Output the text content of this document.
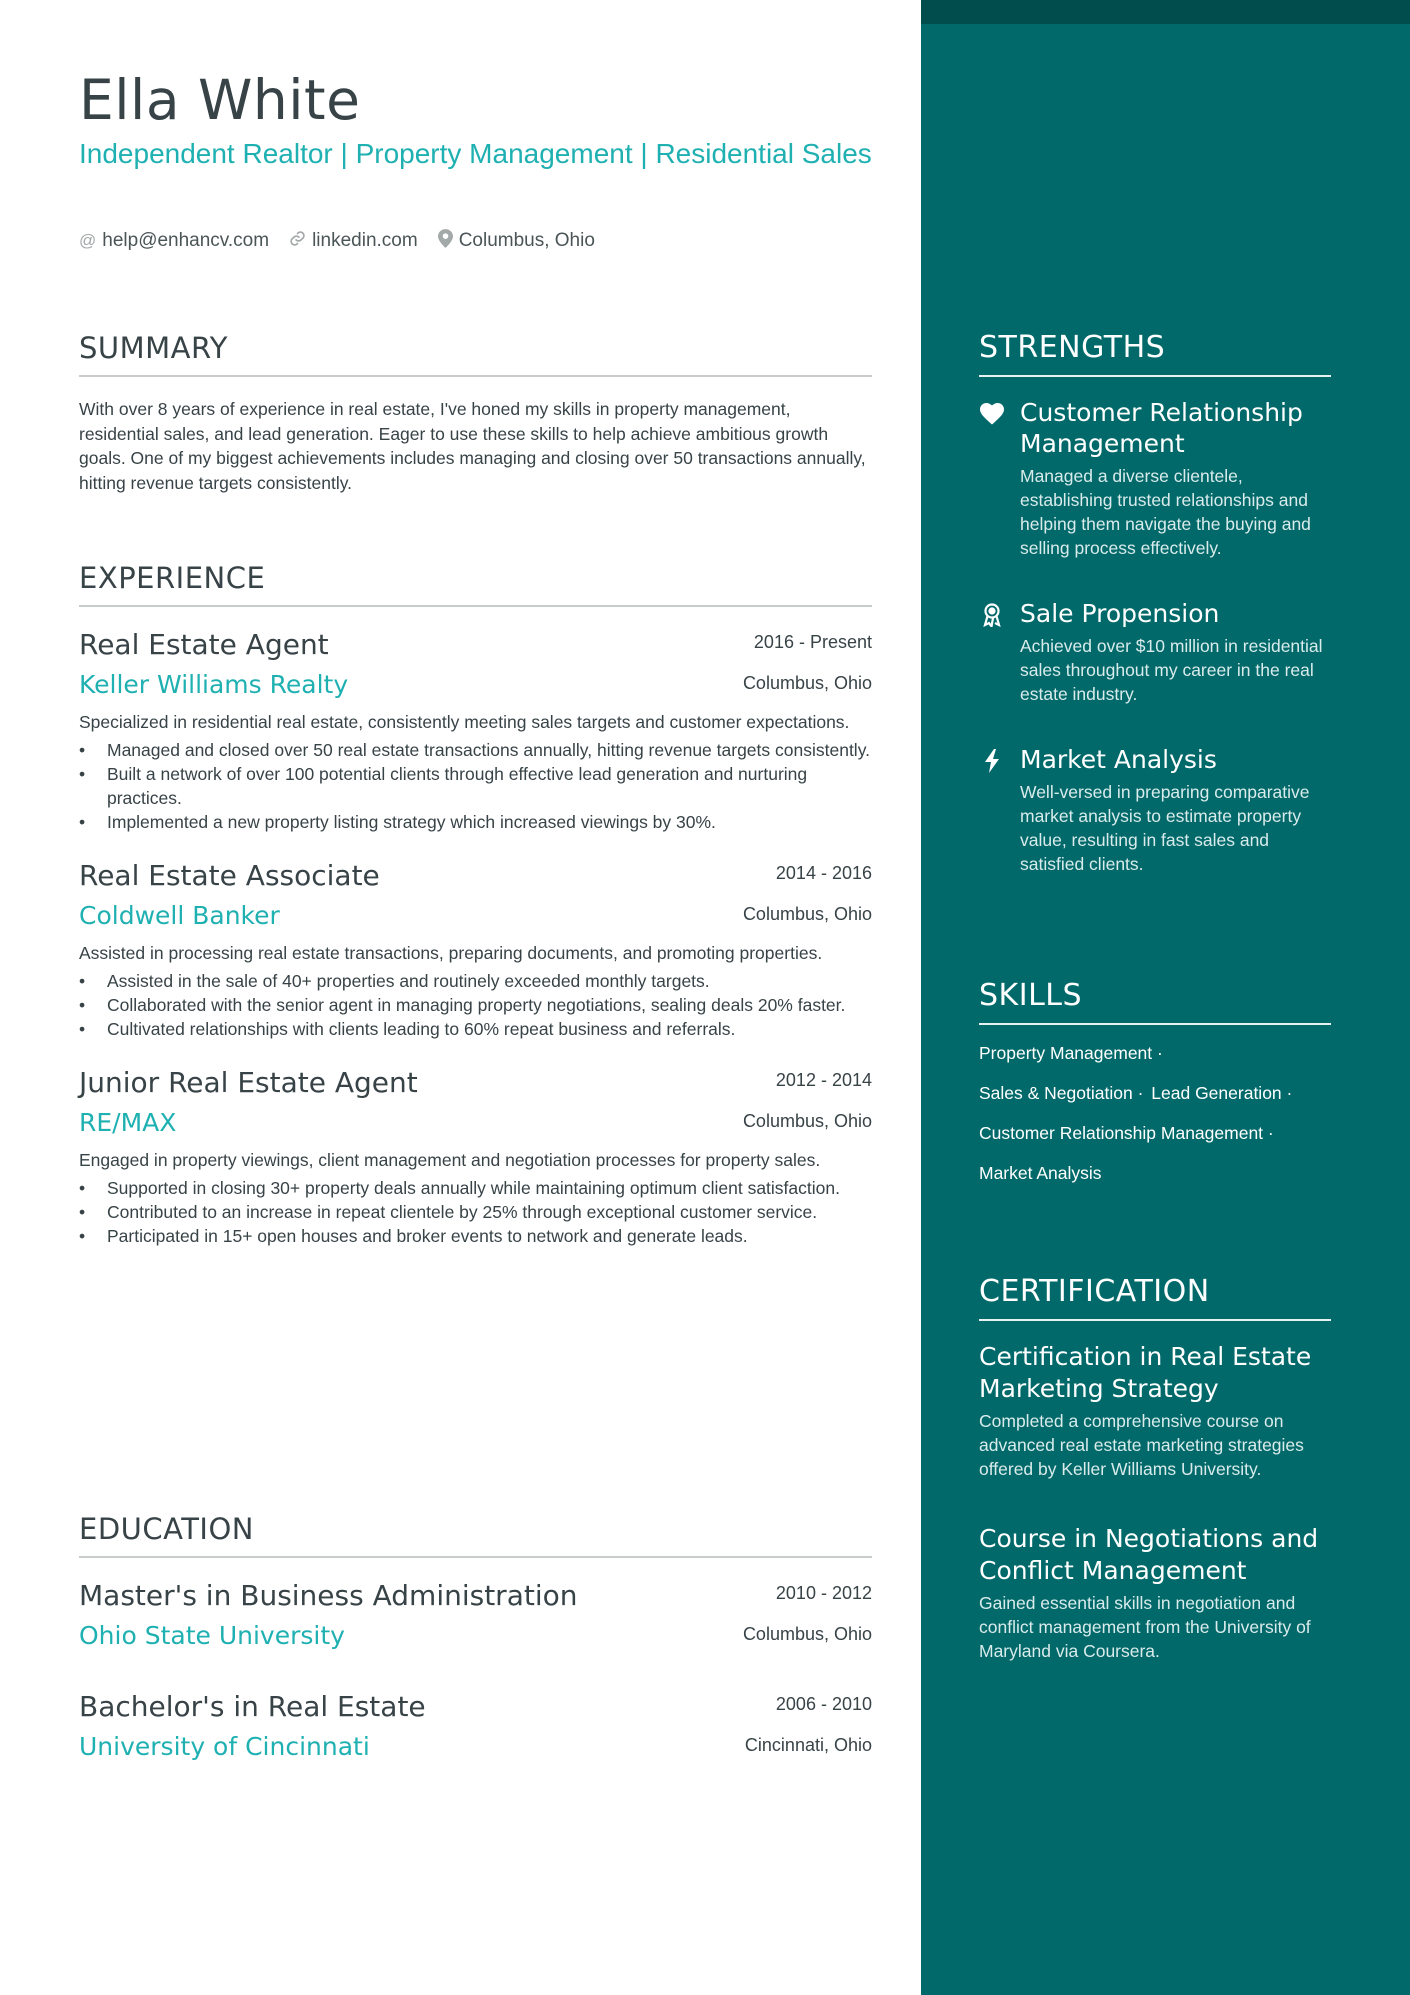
Ella White
Independent Realtor | Property Management | Residential Sales
@ help@enhancv.com linkedin.com Columbus, Ohio
SUMMARY

With over 8 years of experience in real estate, I've honed my skills in property management, residential sales, and lead generation. Eager to use these skills to help achieve ambitious growth goals. One of my biggest achievements includes managing and closing over 50 transactions annually, hitting revenue targets consistently.

EXPERIENCE
Real Estate Agent	2016 - Present
Keller Williams Realty	Columbus, Ohio

Specialized in residential real estate, consistently meeting sales targets and customer expectations.

• Managed and closed over 50 real estate transactions annually, hitting revenue targets consistently.
• Built a network of over 100 potential clients through effective lead generation and nurturing practices.
• Implemented a new property listing strategy which increased viewings by 30%.
Real Estate Associate	2014 - 2016
Coldwell Banker	Columbus, Ohio

Assisted in processing real estate transactions, preparing documents, and promoting properties.

• Assisted in the sale of 40+ properties and routinely exceeded monthly targets.
• Collaborated with the senior agent in managing property negotiations, sealing deals 20% faster.
• Cultivated relationships with clients leading to 60% repeat business and referrals.
Junior Real Estate Agent	2012 - 2014
RE/MAX	Columbus, Ohio

Engaged in property viewings, client management and negotiation processes for property sales.

• Supported in closing 30+ property deals annually while maintaining optimum client satisfaction.
• Contributed to an increase in repeat clientele by 25% through exceptional customer service.
• Participated in 15+ open houses and broker events to network and generate leads.
EDUCATION
Master's in Business Administration	2010 - 2012
Ohio State University	Columbus, Ohio
Bachelor's in Real Estate	2006 - 2010
University of Cincinnati	Cincinnati, Ohio
STRENGTHS
Customer Relationship Management
Managed a diverse clientele, establishing trusted relationships and helping them navigate the buying and selling process effectively.
Sale Propension
Achieved over $10 million in residential sales throughout my career in the real estate industry.
Market Analysis
Well-versed in preparing comparative market analysis to estimate property value, resulting in fast sales and satisfied clients.
SKILLS
Property Management ·
Sales & Negotiation · Lead Generation ·
Customer Relationship Management ·
Market Analysis
CERTIFICATION
Certification in Real Estate Marketing Strategy
Completed a comprehensive course on advanced real estate marketing strategies offered by Keller Williams University.
Course in Negotiations and Conflict Management
Gained essential skills in negotiation and conflict management from the University of Maryland via Coursera.
